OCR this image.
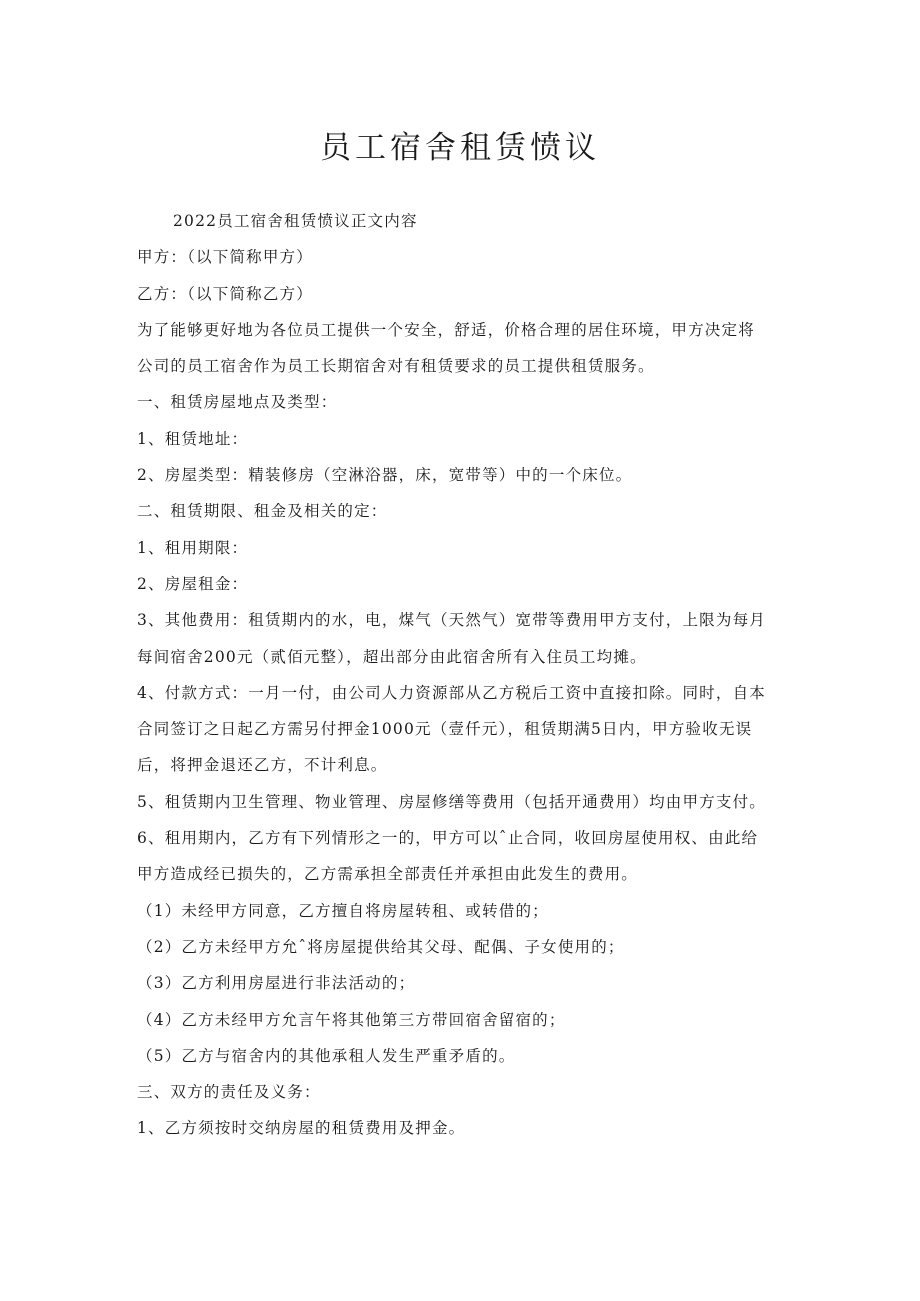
员工宿舍租赁愤议

2022员工宿舍租赁愤议正文内容

甲方：（以下简称甲方）

乙方：（以下简称乙方）

为了能够更好地为各位员工提供一个安全，舒适，价格合理的居住环境，甲方决定将

公司的员工宿舍作为员工长期宿舍对有租赁要求的员工提供租赁服务。

一、租赁房屋地点及类型：

1、租赁地址：

2、房屋类型：精装修房（空淋浴器，床，宽带等）中的一个床位。

二、租赁期限、租金及相关的定：

1、租用期限：

2、房屋租金：

3、其他费用：租赁期内的水，电，煤气（天然气）宽带等费用甲方支付，上限为每月

每间宿舍200元（贰佰元整），超出部分由此宿舍所有入住员工均摊。

4、付款方式：一月一付，由公司人力资源部从乙方税后工资中直接扣除。同时，自本

合同签订之日起乙方需另付押金1000元（壹仟元），租赁期满5日内，甲方验收无误

后，将押金退还乙方，不计利息。

5、租赁期内卫生管理、物业管理、房屋修缮等费用（包括开通费用）均由甲方支付。

6、租用期内，乙方有下列情形之一的，甲方可以ˆ止合同，收回房屋使用权、由此给

甲方造成经已损失的，乙方需承担全部责任并承担由此发生的费用。

（1）未经甲方同意，乙方擅自将房屋转租、或转借的；

（2）乙方未经甲方允ˆ将房屋提供给其父母、配偶、子女使用的；

（3）乙方利用房屋进行非法活动的；

（4）乙方未经甲方允言午将其他第三方带回宿舍留宿的；

（5）乙方与宿舍内的其他承租人发生严重矛盾的。

三、双方的责任及义务：

1、乙方须按时交纳房屋的租赁费用及押金。
